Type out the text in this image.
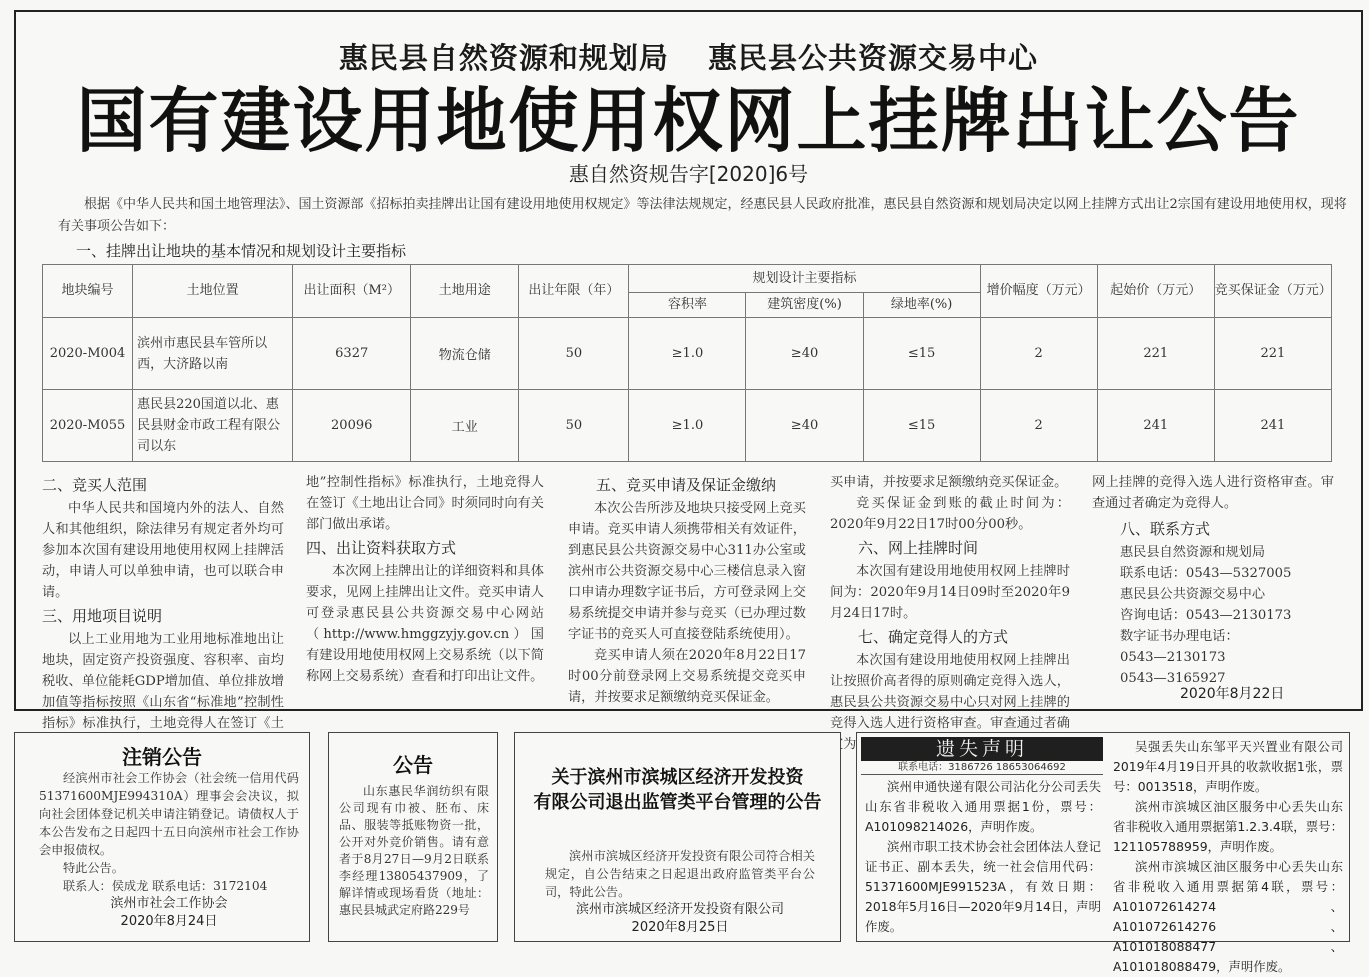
惠民县自然资源和规划局 惠民县公共资源交易中心
国有建设用地使用权网上挂牌出让公告
惠自然资规告字[2020]6号

根据《中华人民共和国土地管理法》、国土资源部《招标拍卖挂牌出让国有建设用地使用权规定》等法律法规规定，经惠民县人民政府批准，惠民县自然资源和规划局决定以网上挂牌方式出让2宗国有建设用地使用权，现将有关事项公告如下：

一、挂牌出让地块的基本情况和规划设计主要指标
地块编号	土地位置	出让面积（M²）	土地用途	出让年限（年）	规划设计主要指标			增价幅度（万元）	起始价（万元）	竞买保证金（万元）
					容积率	建筑密度(%)	绿地率(%)			
2020-M004	滨州市惠民县车管所以西，大济路以南	6327	物流仓储	50	≥1.0	≥40	≤15	2	221	221
2020-M055	惠民县220国道以北、惠民县财金市政工程有限公司以东	20096	工业	50	≥1.0	≥40	≤15	2	241	241
二、竞买人范围

中华人民共和国境内外的法人、自然人和其他组织，除法律另有规定者外均可参加本次国有建设用地使用权网上挂牌活动，申请人可以单独申请，也可以联合申请。

三、用地项目说明

以上工业用地为工业用地标准地出让地块，固定资产投资强度、容积率、亩均税收、单位能耗GDP增加值、单位排放增加值等指标按照《山东省“标准地”控制性指标》标准执行，土地竞得人在签订《土

地”控制性指标》标准执行，土地竞得人在签订《土地出让合同》时须同时向有关部门做出承诺。

四、出让资料获取方式

本次网上挂牌出让的详细资料和具体要求，见网上挂牌出让文件。竞买申请人可登录惠民县公共资源交易中心网站（http://www.hmggzyjy.gov.cn）国有建设用地使用权网上交易系统（以下简称网上交易系统）查看和打印出让文件。

五、竞买申请及保证金缴纳

本次公告所涉及地块只接受网上竞买申请。竞买申请人须携带相关有效证件，到惠民县公共资源交易中心311办公室或滨州市公共资源交易中心三楼信息录入窗口申请办理数字证书后，方可登录网上交易系统提交申请并参与竞买（已办理过数字证书的竞买人可直接登陆系统使用）。

竞买申请人须在2020年8月22日17时00分前登录网上交易系统提交竞买申请，并按要求足额缴纳竞买保证金。

买申请，并按要求足额缴纳竞买保证金。

竞买保证金到账的截止时间为：2020年9月22日17时00分00秒。

六、网上挂牌时间

本次国有建设用地使用权网上挂牌时间为：2020年9月14日09时至2020年9月24日17时。

七、确定竞得人的方式

本次国有建设用地使用权网上挂牌出让按照价高者得的原则确定竞得入选人，惠民县公共资源交易中心只对网上挂牌的竞得入选人进行资格审查。审查通过者确 为

网上挂牌的竞得入选人进行资格审查。审查通过者确定为竞得人。

八、联系方式

惠民县自然资源和规划局

联系电话：0543—5327005

惠民县公共资源交易中心

咨询电话：0543—2130173

数字证书办理电话：

0543—2130173

0543—3165927

2020年8月22日
注销公告

经滨州市社会工作协会（社会统一信用代码51371600MJE994310A）理事会会决议，拟向社会团体登记机关申请注销登记。请债权人于本公告发布之日起四十五日向滨州市社会工作协会申报债权。

特此公告。

联系人：侯成龙 联系电话：3172104

滨州市社会工作协会

2020年8月24日

公告

山东惠民华润纺织有限公司现有巾被、胚布、床品、服装等抵账物资一批，公开对外竞价销售。请有意者于8月27日—9月2日联系李经理13805437909，了解详情或现场看货（地址：惠民县城武定府路229号

关于滨州市滨城区经济开发投资
有限公司退出监管类平台管理的公告

滨州市滨城区经济开发投资有限公司符合相关规定，自公告结束之日起退出政府监管类平台公司，特此公告。

滨州市滨城区经济开发投资有限公司

2020年8月25日

遗失声明
联系电话：3186726 18653064692

滨州申通快递有限公司沾化分公司丢失山东省非税收入通用票据1份，票号：A101098214026，声明作废。

滨州市职工技术协会社会团体法人登记证书正、副本丢失，统一社会信用代码：51371600MJE991523A，有效日期：2018年5月16日—2020年9月14日，声明作废。

吴强丢失山东邹平天兴置业有限公司2019年4月19日开具的收款收据1张，票号：0013518，声明作废。

滨州市滨城区油区服务中心丢失山东省非税收入通用票据第1.2.3.4联，票号：121105788959，声明作废。

滨州市滨城区油区服务中心丢失山东省非税收入通用票据第4联，票号：A101072614274、A101072614276、A101018088477、A101018088479，声明作废。
